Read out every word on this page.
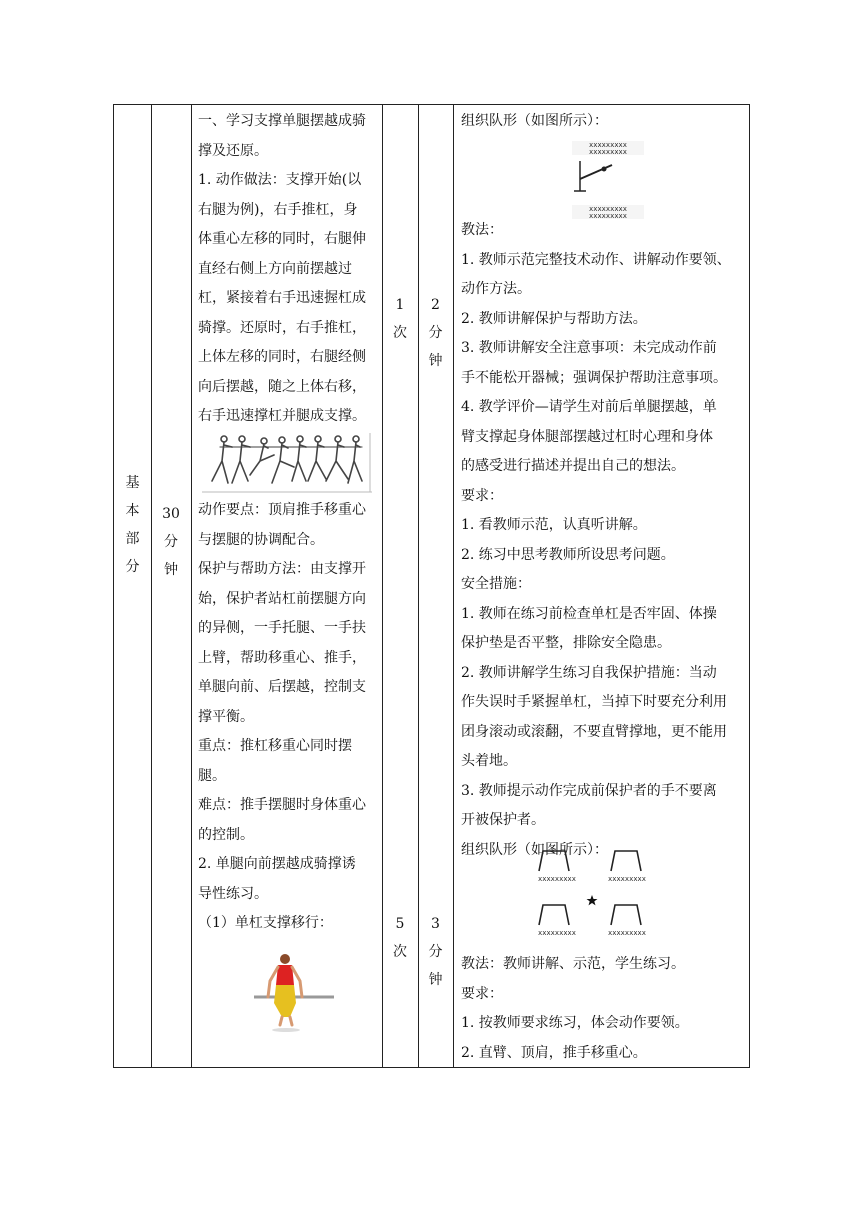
基
本
部
分
30
分
钟
1
次
2
分
钟
5
次
3
分
钟

一、学习支撑单腿摆越成骑

撑及还原。

1. 动作做法：支撑开始(以

右腿为例)，右手推杠，身

体重心左移的同时，右腿伸

直经右侧上方向前摆越过

杠，紧接着右手迅速握杠成

骑撑。还原时，右手推杠，

上体左移的同时，右腿经侧

向后摆越，随之上体右移，

右手迅速撑杠并腿成支撑。

动作要点：顶肩推手移重心

与摆腿的协调配合。

保护与帮助方法：由支撑开

始，保护者站杠前摆腿方向

的异侧，一手托腿、一手扶

上臂，帮助移重心、推手，

单腿向前、后摆越，控制支

撑平衡。

重点：推杠移重心同时摆

腿。

难点：推手摆腿时身体重心

的控制。

2. 单腿向前摆越成骑撑诱

导性练习。

（1）单杠支撑移行：

组织队形（如图所示）：

xxxxxxxxx
xxxxxxxxx
xxxxxxxxx
xxxxxxxxx

教法：

1. 教师示范完整技术动作、讲解动作要领、

动作方法。

2. 教师讲解保护与帮助方法。

3. 教师讲解安全注意事项：未完成动作前

手不能松开器械；强调保护帮助注意事项。

4. 教学评价—请学生对前后单腿摆越，单

臂支撑起身体腿部摆越过杠时心理和身体

的感受进行描述并提出自己的想法。

要求：

1. 看教师示范，认真听讲解。

2. 练习中思考教师所设思考问题。

安全措施：

1. 教师在练习前检查单杠是否牢固、体操

保护垫是否平整，排除安全隐患。

2. 教师讲解学生练习自我保护措施：当动

作失误时手紧握单杠，当掉下时要充分利用

团身滚动或滚翻，不要直臂撑地，更不能用

头着地。

3. 教师提示动作完成前保护者的手不要离

开被保护者。

组织队形（如图所示）：

xxxxxxxxx	xxxxxxxxx
xxxxxxxxx	xxxxxxxxx

教法：教师讲解、示范，学生练习。

要求：

1. 按教师要求练习，体会动作要领。

2. 直臂、顶肩，推手移重心。
